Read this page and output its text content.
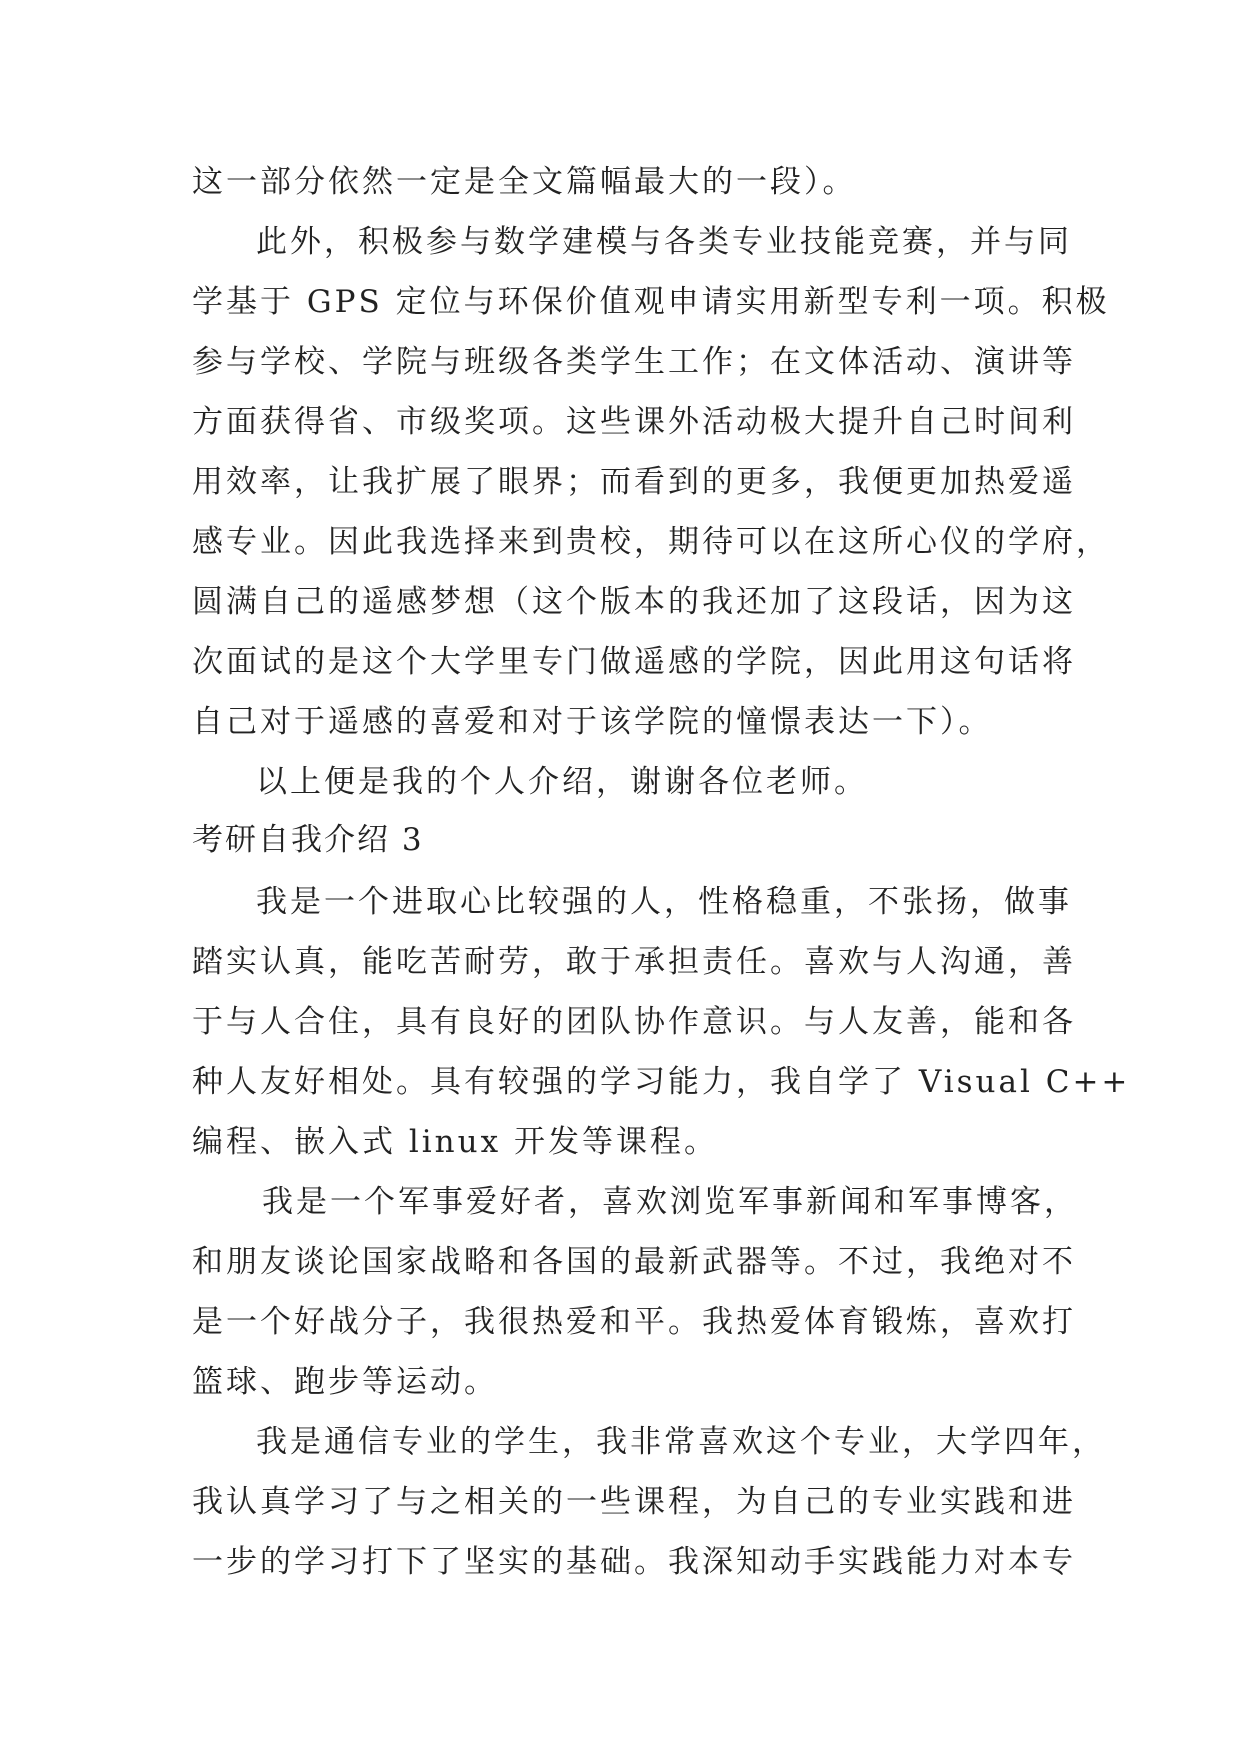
这一部分依然一定是全文篇幅最大的一段）。
此外，积极参与数学建模与各类专业技能竞赛，并与同
学基于 GPS 定位与环保价值观申请实用新型专利一项。积极
参与学校、学院与班级各类学生工作；在文体活动、演讲等
方面获得省、市级奖项。这些课外活动极大提升自己时间利
用效率，让我扩展了眼界；而看到的更多，我便更加热爱遥
感专业。因此我选择来到贵校，期待可以在这所心仪的学府，
圆满自己的遥感梦想（这个版本的我还加了这段话，因为这
次面试的是这个大学里专门做遥感的学院，因此用这句话将
自己对于遥感的喜爱和对于该学院的憧憬表达一下）。
以上便是我的个人介绍，谢谢各位老师。
考研自我介绍 3
我是一个进取心比较强的人，性格稳重，不张扬，做事
踏实认真，能吃苦耐劳，敢于承担责任。喜欢与人沟通，善
于与人合住，具有良好的团队协作意识。与人友善，能和各
种人友好相处。具有较强的学习能力，我自学了 Visual C++
编程、嵌入式 linux 开发等课程。
我是一个军事爱好者，喜欢浏览军事新闻和军事博客，
和朋友谈论国家战略和各国的最新武器等。不过，我绝对不
是一个好战分子，我很热爱和平。我热爱体育锻炼，喜欢打
篮球、跑步等运动。
我是通信专业的学生，我非常喜欢这个专业，大学四年，
我认真学习了与之相关的一些课程，为自己的专业实践和进
一步的学习打下了坚实的基础。我深知动手实践能力对本专
